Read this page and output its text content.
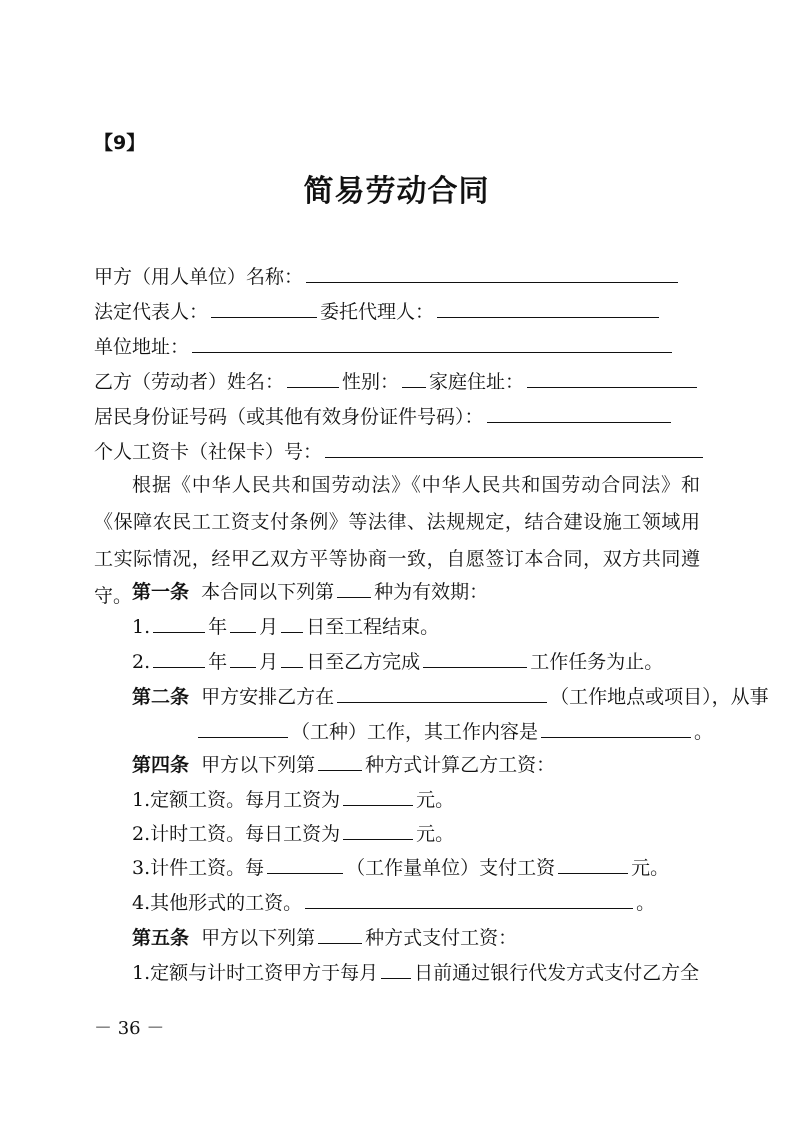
【9】
简易劳动合同
甲方（用人单位）名称：
法定代表人：	委托代理人：
单位地址：
乙方（劳动者）姓名：	性别： 家庭住址：
居民身份证号码（或其他有效身份证件号码）：
个人工资卡（社保卡）号：
根据《中华人民共和国劳动法》《中华人民共和国劳动合同法》和《保障农民工工资支付条例》等法律、法规规定，结合建设施工领域用工实际情况，经甲乙双方平等协商一致，自愿签订本合同，双方共同遵守。 第一条 本合同以下列第 种为有效期：
1.	年 月 日至工程结束。
2.	年 月 日至乙方完成	工作任务为止。
第二条 甲方安排乙方在	（工作地点或项目），从事
（工种）工作，其工作内容是	。
第四条 甲方以下列第	种方式计算乙方工资：
1.定额工资。每月工资为	元。
2.计时工资。每日工资为	元。
3.计件工资。每	（工作量单位）支付工资	元。
4.其他形式的工资。	。
第五条 甲方以下列第	种方式支付工资：
1.定额与计时工资甲方于每月 日前通过银行代发方式支付乙方全
－ 36 －
